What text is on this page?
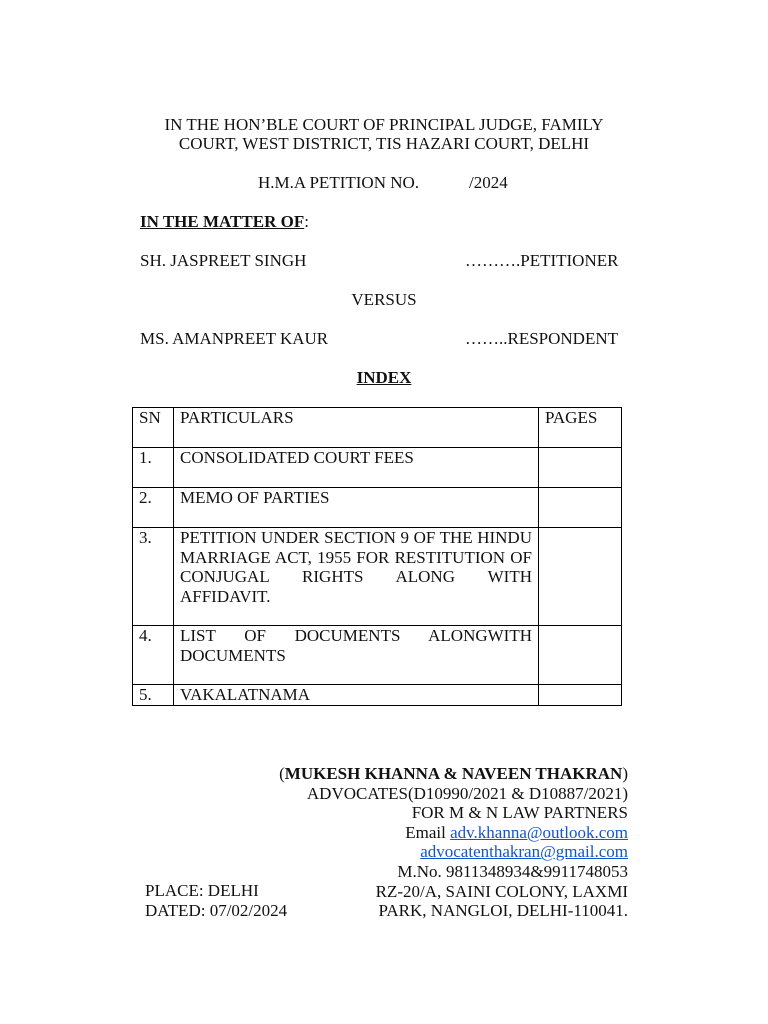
IN THE HON’BLE COURT OF PRINCIPAL JUDGE, FAMILY
COURT, WEST DISTRICT, TIS HAZARI COURT, DELHI
H.M.A PETITION NO.	/2024
IN THE MATTER OF:
SH. JASPREET SINGH	……….PETITIONER
VERSUS
MS. AMANPREET KAUR	……..RESPONDENT
INDEX
SN	PARTICULARS	PAGES
1.	CONSOLIDATED COURT FEES	
2.	MEMO OF PARTIES	
3.	PETITION UNDER SECTION 9 OF THE HINDU MARRIAGE ACT, 1955 FOR RESTITUTION OF CONJUGAL RIGHTS ALONG WITH AFFIDAVIT.	
4.	LIST OF DOCUMENTS ALONGWITH DOCUMENTS	
5.	VAKALATNAMA	
(MUKESH KHANNA & NAVEEN THAKRAN)
ADVOCATES(D10990/2021 & D10887/2021)
FOR M & N LAW PARTNERS
Email adv.khanna@outlook.com
advocatenthakran@gmail.com
M.No. 9811348934&9911748053
RZ-20/A, SAINI COLONY, LAXMI
PARK, NANGLOI, DELHI-110041.
PLACE: DELHI
DATED: 07/02/2024
